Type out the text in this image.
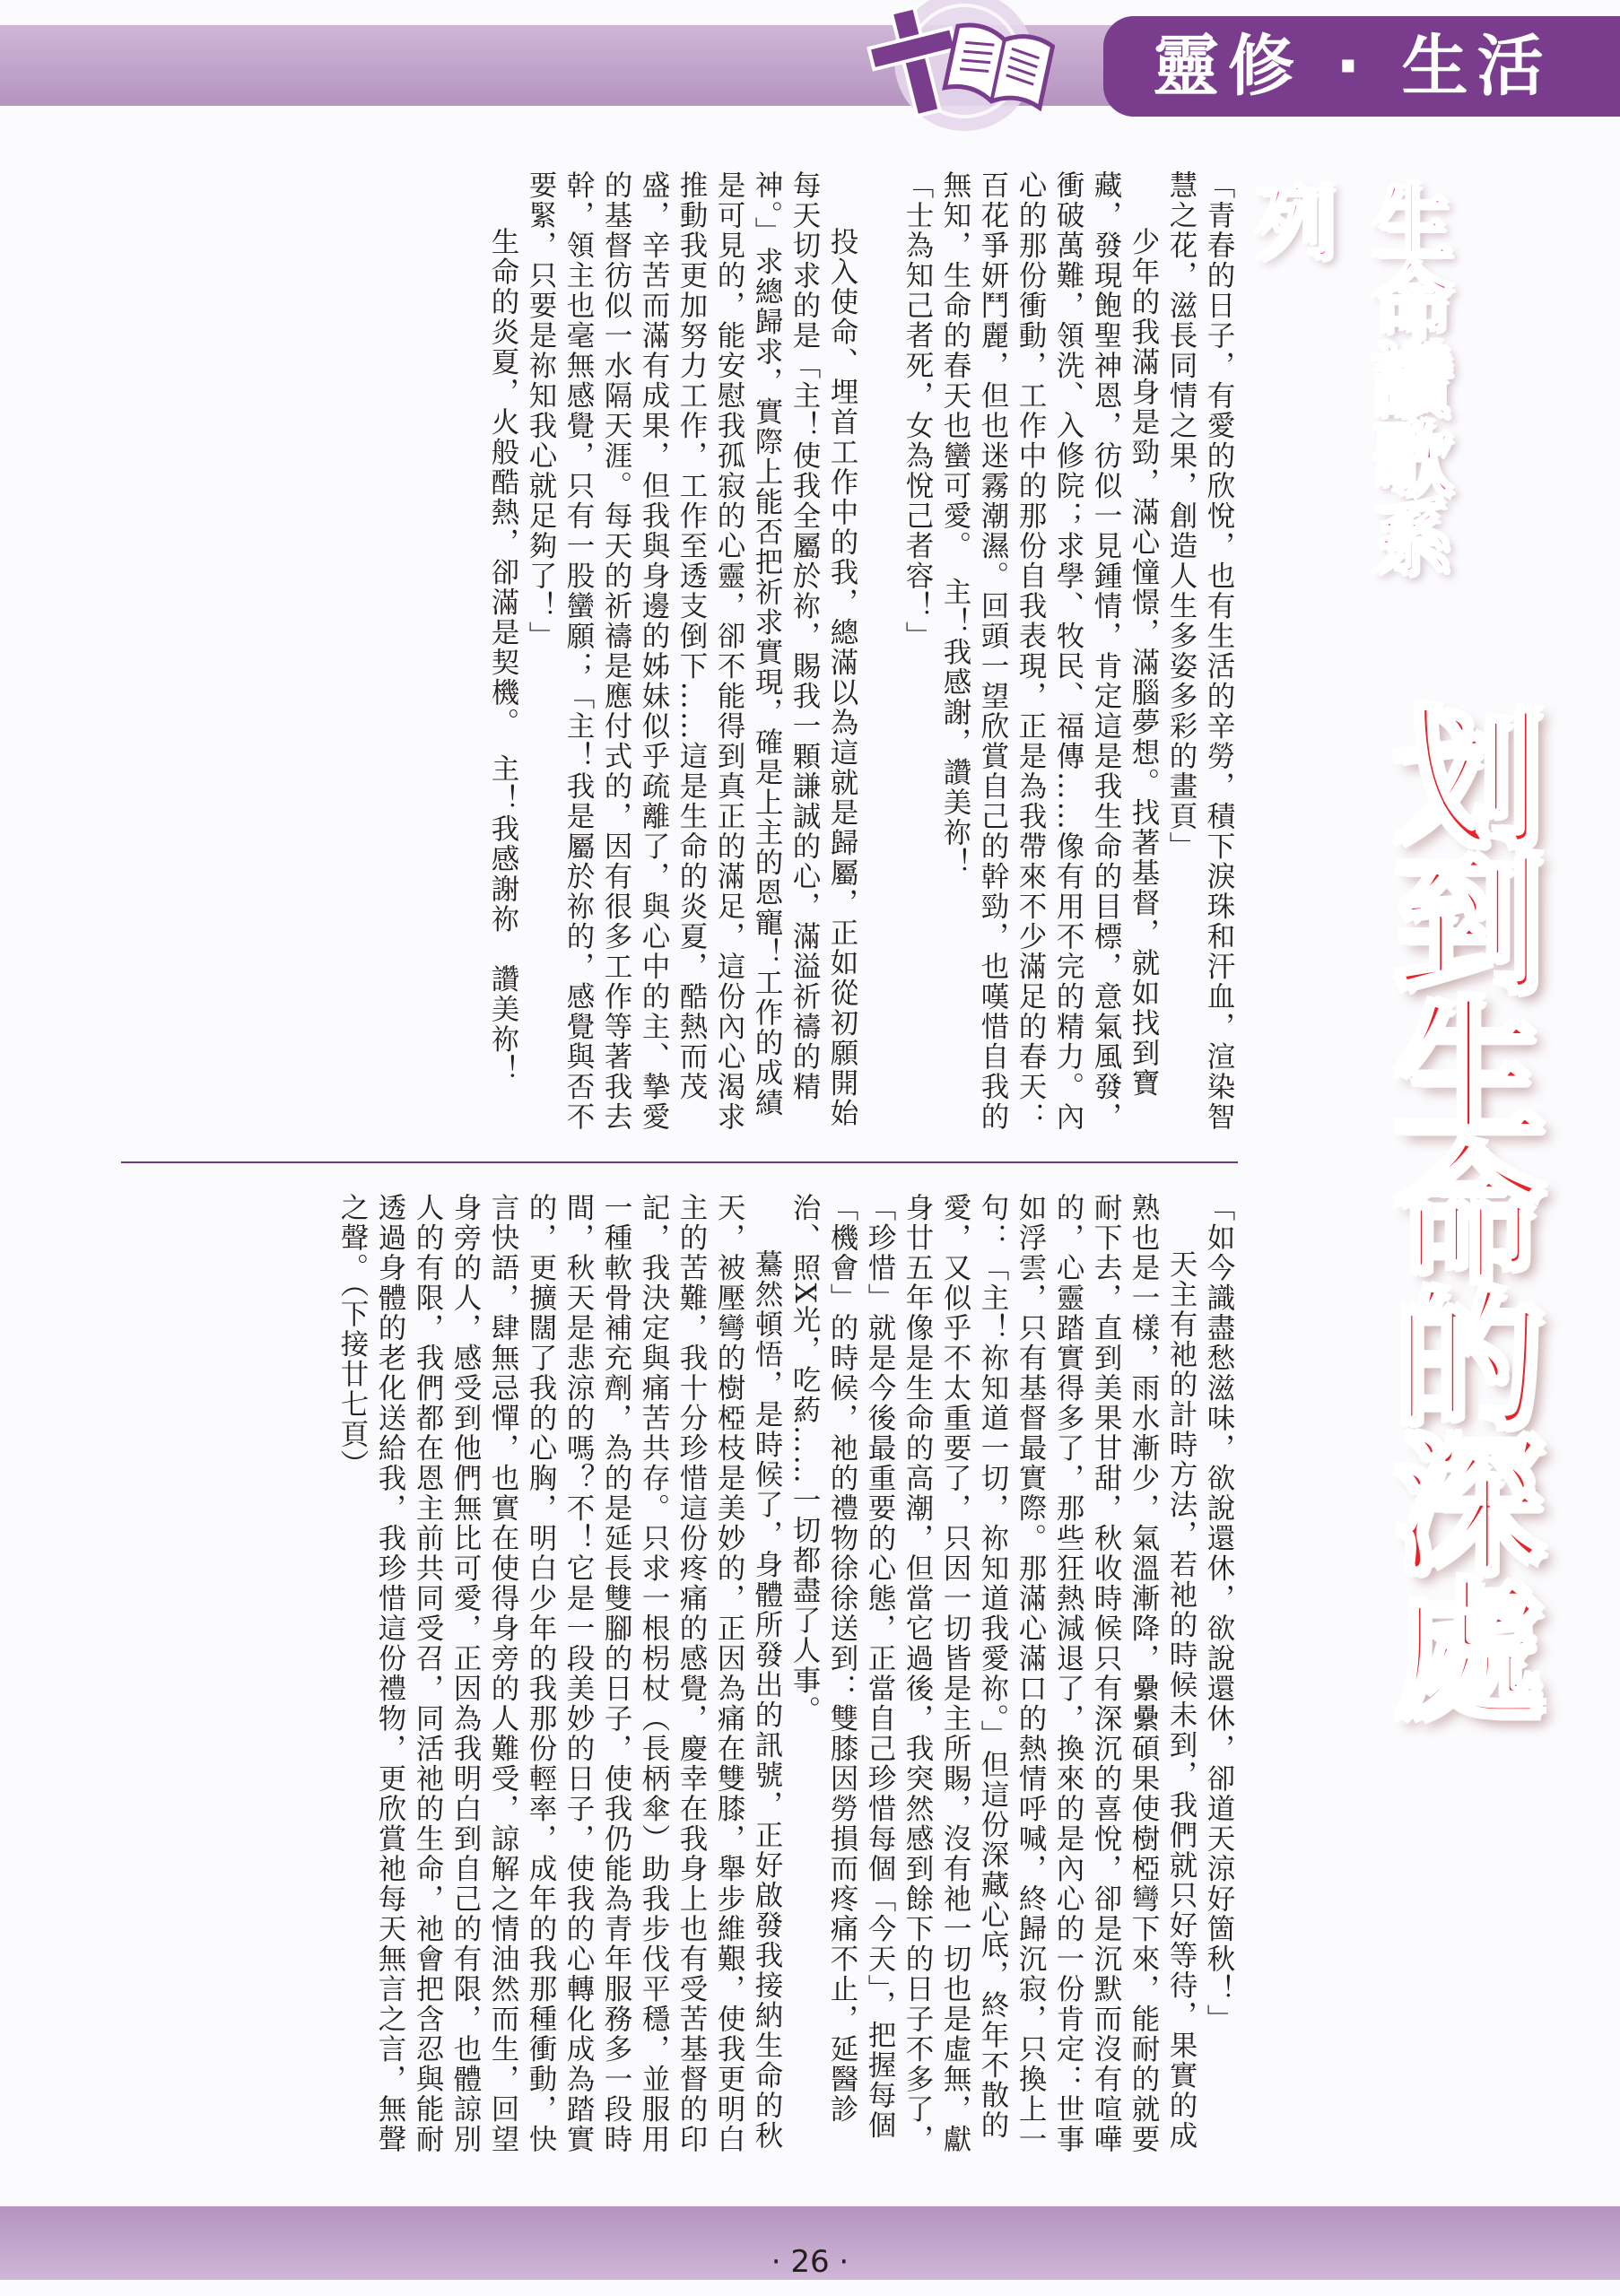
靈修 · 生活
生命讚歌系列
划到生命的深處

「青春的日子，有愛的欣悅，也有生活的辛勞，積下淚珠和汗血，渲染智慧之花，滋長同情之果，創造人生多姿多彩的畫頁」

少年的我滿身是勁，滿心憧憬，滿腦夢想。找著基督，就如找到寶藏，發現飽聖神恩，彷似一見鍾情，肯定這是我生命的目標，意氣風發，衝破萬難，領洗、入修院；求學、牧民、福傳……像有用不完的精力。內心的那份衝動，工作中的那份自我表現，正是為我帶來不少滿足的春天：百花爭妍鬥麗，但也迷霧潮濕。回頭一望欣賞自己的幹勁，也嘆惜自我的無知，生命的春天也蠻可愛。　主！我感謝，讚美祢！

「士為知己者死，女為悅己者容！」

投入使命、埋首工作中的我，總滿以為這就是歸屬，正如從初願開始每天切求的是「主！使我全屬於祢，賜我一顆謙誠的心，滿溢祈禱的精神。」求總歸求，實際上能否把祈求實現，確是上主的恩寵！工作的成績是可見的，能安慰我孤寂的心靈，卻不能得到真正的滿足，這份內心渴求推動我更加努力工作，工作至透支倒下……這是生命的炎夏，酷熱而茂盛，辛苦而滿有成果，但我與身邊的姊妹似乎疏離了，與心中的主、摯愛的基督彷似一水隔天涯。每天的祈禱是應付式的，因有很多工作等著我去幹，領主也毫無感覺，只有一股蠻願；「主！我是屬於祢的，感覺與否不要緊，只要是祢知我心就足夠了！」

生命的炎夏，火般酷熱，卻滿是契機。　主！我感謝祢　讚美祢！

「如今識盡愁滋味，欲說還休，欲說還休，卻道天涼好箇秋！」

天主有祂的計時方法，若祂的時候未到，我們就只好等待，果實的成熟也是一樣，雨水漸少，氣溫漸降，纍纍碩果使樹椏彎下來，能耐的就要耐下去，直到美果甘甜，秋收時候只有深沉的喜悅，卻是沉默而沒有喧嘩的，心靈踏實得多了，那些狂熱減退了，換來的是內心的一份肯定：世事如浮雲，只有基督最實際。那滿心滿口的熱情呼喊，終歸沉寂，只換上一句：「主！祢知道一切，祢知道我愛祢。」但這份深藏心底，終年不散的愛，又似乎不太重要了，只因一切皆是主所賜，沒有祂一切也是虛無，獻身廿五年像是生命的高潮，但當它過後，我突然感到餘下的日子不多了，「珍惜」就是今後最重要的心態，正當自己珍惜每個「今天」，把握每個「機會」的時候，祂的禮物徐徐送到：雙膝因勞損而疼痛不止，延醫診治、照X光，吃葯……一切都盡了人事。

驀然頓悟，是時候了，身體所發出的訊號，正好啟發我接納生命的秋天，被壓彎的樹椏枝是美妙的，正因為痛在雙膝，舉步維艱，使我更明白主的苦難，我十分珍惜這份疼痛的感覺，慶幸在我身上也有受苦基督的印記，我決定與痛苦共存。只求一根枴杖（長柄傘）助我步伐平穩，並服用一種軟骨補充劑，為的是延長雙腳的日子，使我仍能為青年服務多一段時間，秋天是悲涼的嗎？不！它是一段美妙的日子，使我的心轉化成為踏實的，更擴闊了我的心胸，明白少年的我那份輕率，成年的我那種衝動，快言快語，肆無忌憚，也實在使得身旁的人難受，諒解之情油然而生，回望身旁的人，感受到他們無比可愛，正因為我明白到自己的有限，也體諒別人的有限，我們都在恩主前共同受召，同活祂的生命，祂會把含忍與能耐透過身體的老化送給我，我珍惜這份禮物，更欣賞祂每天無言之言，無聲之聲。（下接廿七頁）

· 26 ·
